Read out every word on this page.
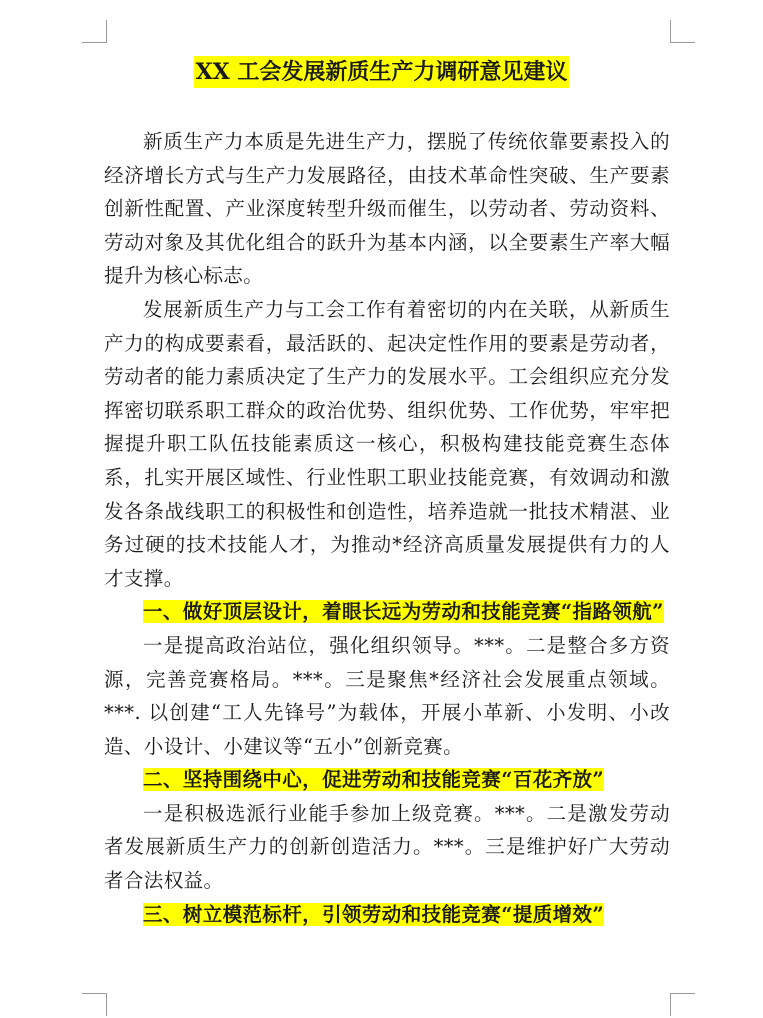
XX 工会发展新质生产力调研意见建议

新质生产力本质是先进生产力，摆脱了传统依靠要素投入的经济增长方式与生产力发展路径，由技术革命性突破、生产要素创新性配置、产业深度转型升级而催生，以劳动者、劳动资料、劳动对象及其优化组合的跃升为基本内涵，以全要素生产率大幅提升为核心标志。

发展新质生产力与工会工作有着密切的内在关联，从新质生产力的构成要素看，最活跃的、起决定性作用的要素是劳动者，劳动者的能力素质决定了生产力的发展水平。工会组织应充分发挥密切联系职工群众的政治优势、组织优势、工作优势，牢牢把握提升职工队伍技能素质这一核心，积极构建技能竞赛生态体系，扎实开展区域性、行业性职工职业技能竞赛，有效调动和激发各条战线职工的积极性和创造性，培养造就一批技术精湛、业务过硬的技术技能人才，为推动*经济高质量发展提供有力的人才支撑。

一、做好顶层设计，着眼长远为劳动和技能竞赛“指路领航”

一是提高政治站位，强化组织领导。***。二是整合多方资源，完善竞赛格局。***。三是聚焦*经济社会发展重点领域。***. 以创建“工人先锋号”为载体，开展小革新、小发明、小改造、小设计、小建议等“五小”创新竞赛。

二、坚持围绕中心，促进劳动和技能竞赛“百花齐放”

一是积极选派行业能手参加上级竞赛。***。二是激发劳动者发展新质生产力的创新创造活力。***。三是维护好广大劳动者合法权益。

三、树立模范标杆，引领劳动和技能竞赛“提质增效”
